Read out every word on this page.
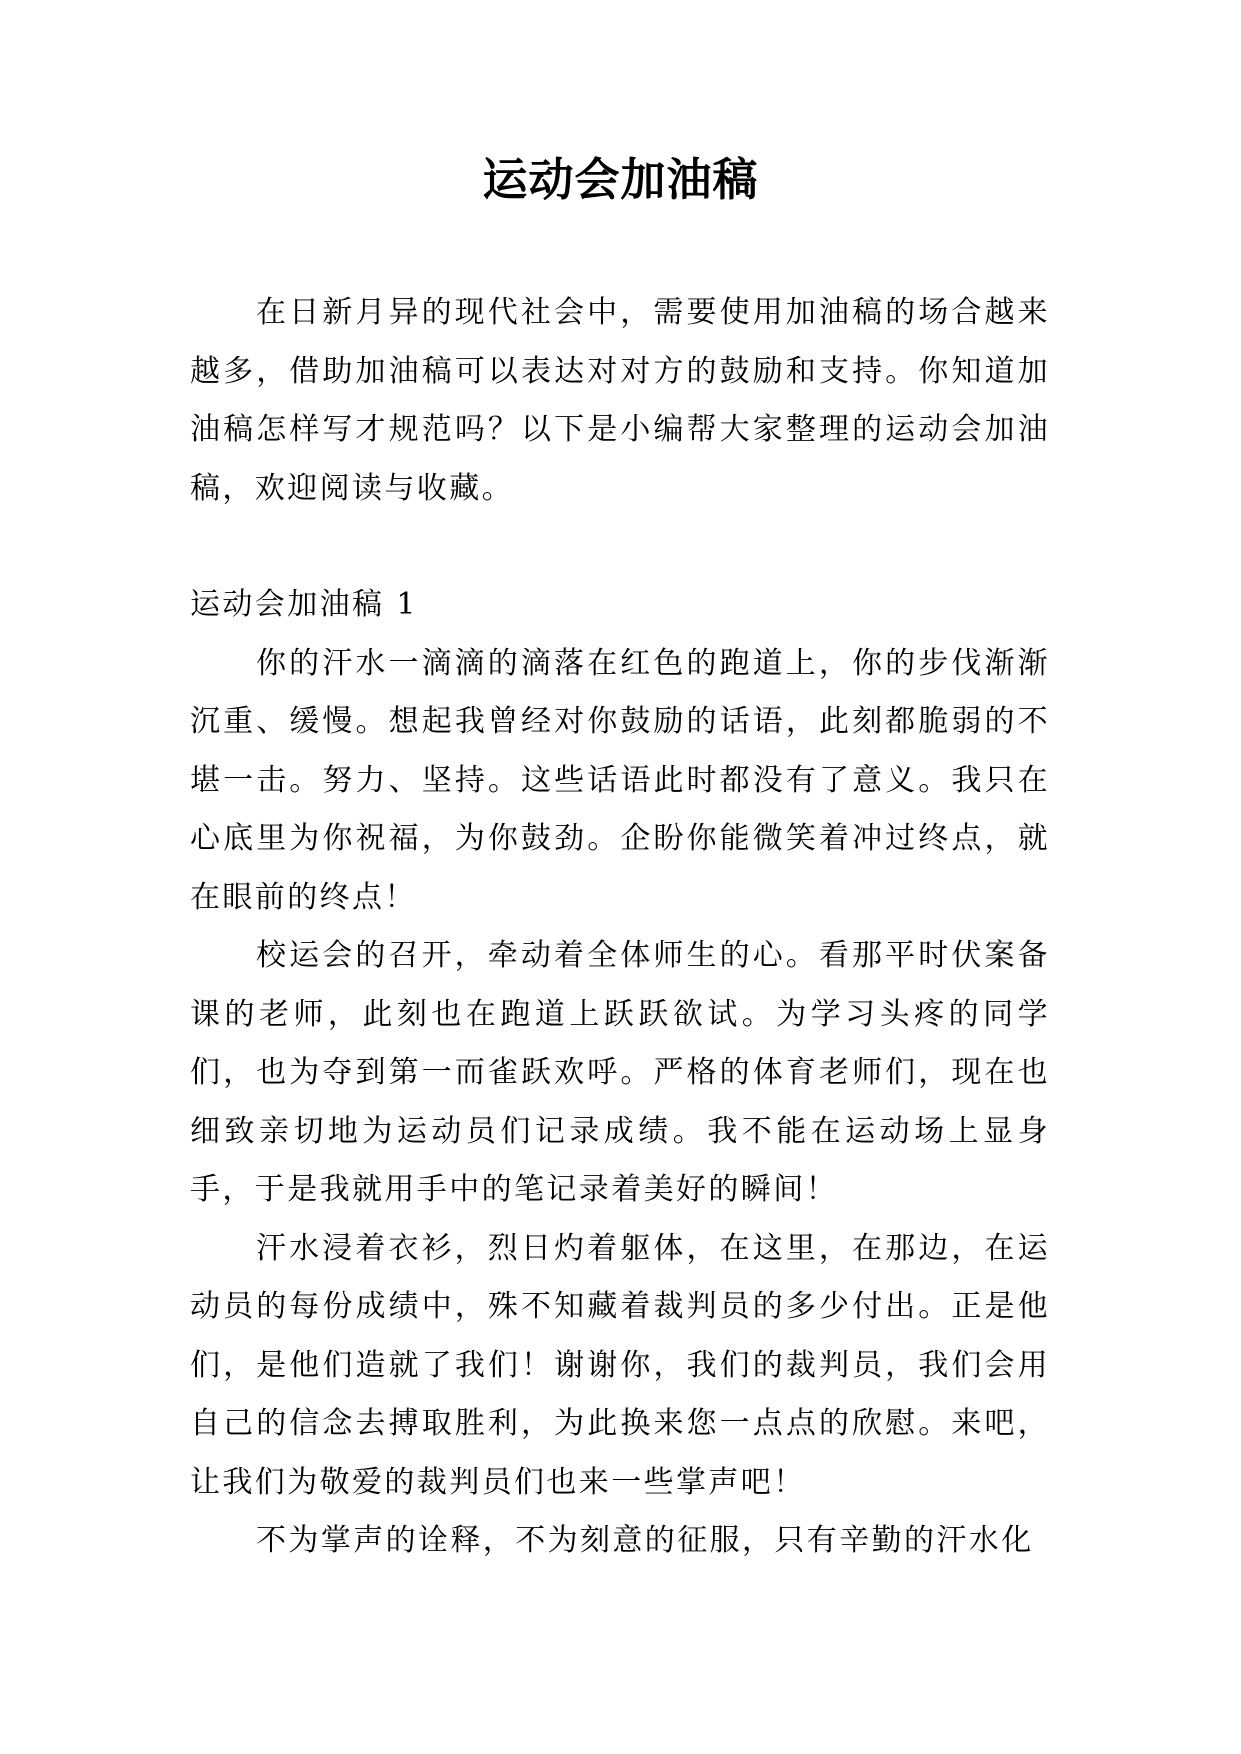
运动会加油稿

在日新月异的现代社会中，需要使用加油稿的场合越来越多，借助加油稿可以表达对对方的鼓励和支持。你知道加油稿怎样写才规范吗？以下是小编帮大家整理的运动会加油稿，欢迎阅读与收藏。

运动会加油稿 1

你的汗水一滴滴的滴落在红色的跑道上，你的步伐渐渐沉重、缓慢。想起我曾经对你鼓励的话语，此刻都脆弱的不堪一击。努力、坚持。这些话语此时都没有了意义。我只在心底里为你祝福，为你鼓劲。企盼你能微笑着冲过终点，就在眼前的终点！

校运会的召开，牵动着全体师生的心。看那平时伏案备课的老师，此刻也在跑道上跃跃欲试。为学习头疼的同学们，也为夺到第一而雀跃欢呼。严格的体育老师们，现在也细致亲切地为运动员们记录成绩。我不能在运动场上显身手，于是我就用手中的笔记录着美好的瞬间！

汗水浸着衣衫，烈日灼着躯体，在这里，在那边，在运动员的每份成绩中，殊不知藏着裁判员的多少付出。正是他们，是他们造就了我们！谢谢你，我们的裁判员，我们会用自己的信念去搏取胜利，为此换来您一点点的欣慰。来吧，让我们为敬爱的裁判员们也来一些掌声吧！

不为掌声的诠释，不为刻意的征服，只有辛勤的汗水化
